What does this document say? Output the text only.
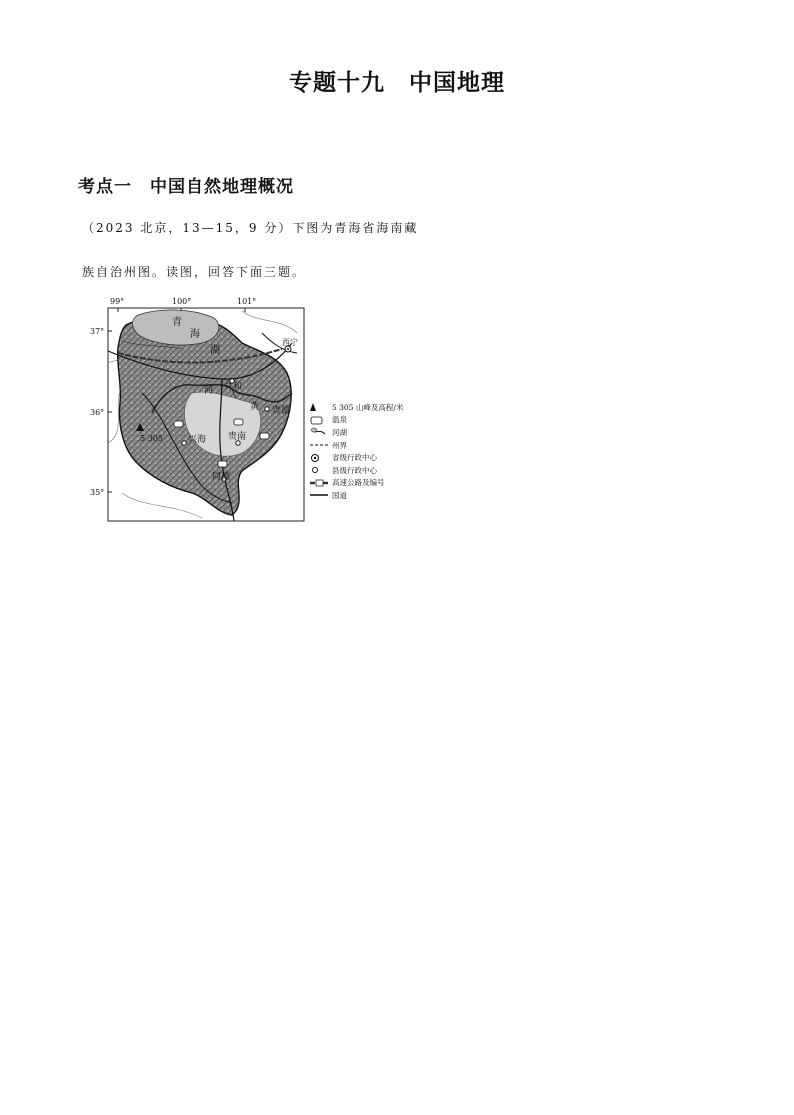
专题十九　中国地理
考点一　中国自然地理概况
（2023 北京，13—15，9 分）下图为青海省海南藏
族自治州图。读图，回答下面三题。
99°	100°	101°
37°
36°
35°
青
海
湖
西宁
共和
黄
河
贵德
贵南
兴海
同德
5 305
5 305 山峰及高程/米
温泉
河湖
州界
省级行政中心
县级行政中心
高速公路及编号
国道
